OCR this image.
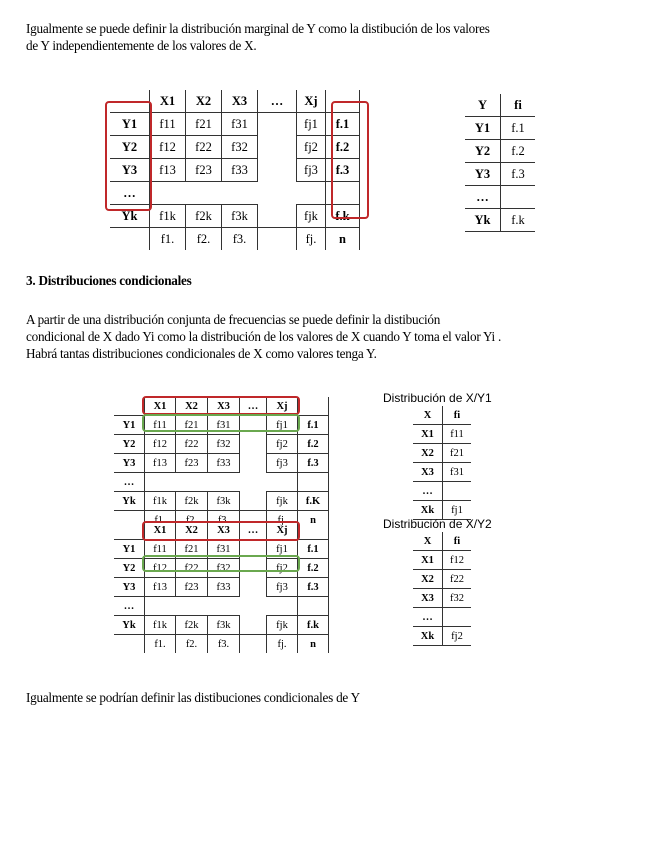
Igualmente se puede definir la distribución marginal de Y como la distibución de los valores

de Y independientemente de los valores de X.

	X1	X2	X3	…	Xj	
Y1	f11	f21	f31		fj1	f.1
Y2	f12	f22	f32		fj2	f.2
Y3	f13	f23	f33		fj3	f.3
…						
Yk	f1k	f2k	f3k		fjk	f.k
	f1.	f2.	f3.		fj.	n
Y	fi
Y1	f.1
Y2	f.2
Y3	f.3
…	
Yk	f.k

3. Distribuciones condicionales

A partir de una distribución conjunta de frecuencias se puede definir la distibución

condicional de X dado Yi como la distribución de los valores de X cuando Y toma el valor Yi .

Habrá tantas distribuciones condicionales de X como valores tenga Y.

	X1	X2	X3	…	Xj	
Y1	f11	f21	f31		fj1	f.1
Y2	f12	f22	f32		fj2	f.2
Y3	f13	f23	f33		fj3	f.3
…						
Yk	f1k	f2k	f3k		fjk	f.K
	f1.	f2.	f3.		fj.	n
	X1	X2	X3	…	Xj	
Y1	f11	f21	f31		fj1	f.1
Y2	f12	f22	f32		fj2	f.2
Y3	f13	f23	f33		fj3	f.3
…						
Yk	f1k	f2k	f3k		fjk	f.k
	f1.	f2.	f3.		fj.	n
Distribución de X/Y1
X	fi
X1	f11
X2	f21
X3	f31
…	
Xk	fj1
Distribución de X/Y2
X	fi
X1	f12
X2	f22
X3	f32
…	
Xk	fj2

Igualmente se podrían definir las distibuciones condicionales de Y
